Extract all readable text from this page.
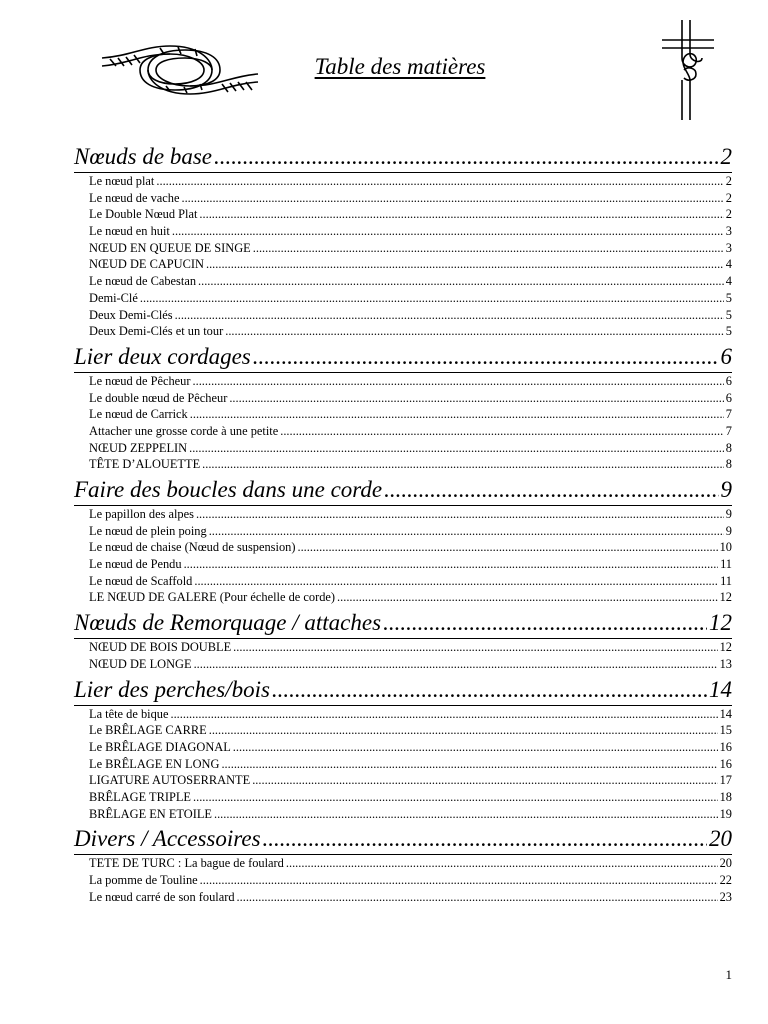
Table des matières
Nœuds de base .....	2
Le nœud plat .....	2
Le nœud de vache .....	2
Le Double Nœud Plat .....	2
Le nœud en huit .....	3
NŒUD EN QUEUE DE SINGE .....	3
NŒUD DE CAPUCIN .....	4
Le nœud de Cabestan .....	4
Demi-Clé .....	5
Deux Demi-Clés .....	5
Deux Demi-Clés et un tour .....	5
Lier deux cordages .....	6
Le nœud de Pêcheur .....	6
Le double nœud de Pêcheur .....	6
Le nœud de Carrick .....	7
Attacher une grosse corde à une petite .....	7
NŒUD ZEPPELIN .....	8
TÊTE D’ALOUETTE .....	8
Faire des boucles dans une corde .....	9
Le papillon des alpes .....	9
Le nœud de plein poing .....	9
Le nœud de chaise (Nœud de suspension) .....	10
Le nœud de Pendu .....	11
Le nœud de Scaffold .....	11
LE NŒUD DE GALERE (Pour échelle de corde) .....	12
Nœuds de Remorquage / attaches .....	12
NŒUD DE BOIS DOUBLE .....	12
NŒUD DE LONGE .....	13
Lier des perches/bois .....	14
La tête de bique .....	14
Le BRÊLAGE CARRE .....	15
Le BRÊLAGE DIAGONAL .....	16
Le BRÊLAGE EN LONG .....	16
LIGATURE AUTOSERRANTE .....	17
BRÊLAGE TRIPLE .....	18
BRÊLAGE EN ETOILE .....	19
Divers / Accessoires .....	20
TETE DE TURC : La bague de foulard .....	20
La pomme de Touline .....	22
Le nœud carré de son foulard .....	23
1
